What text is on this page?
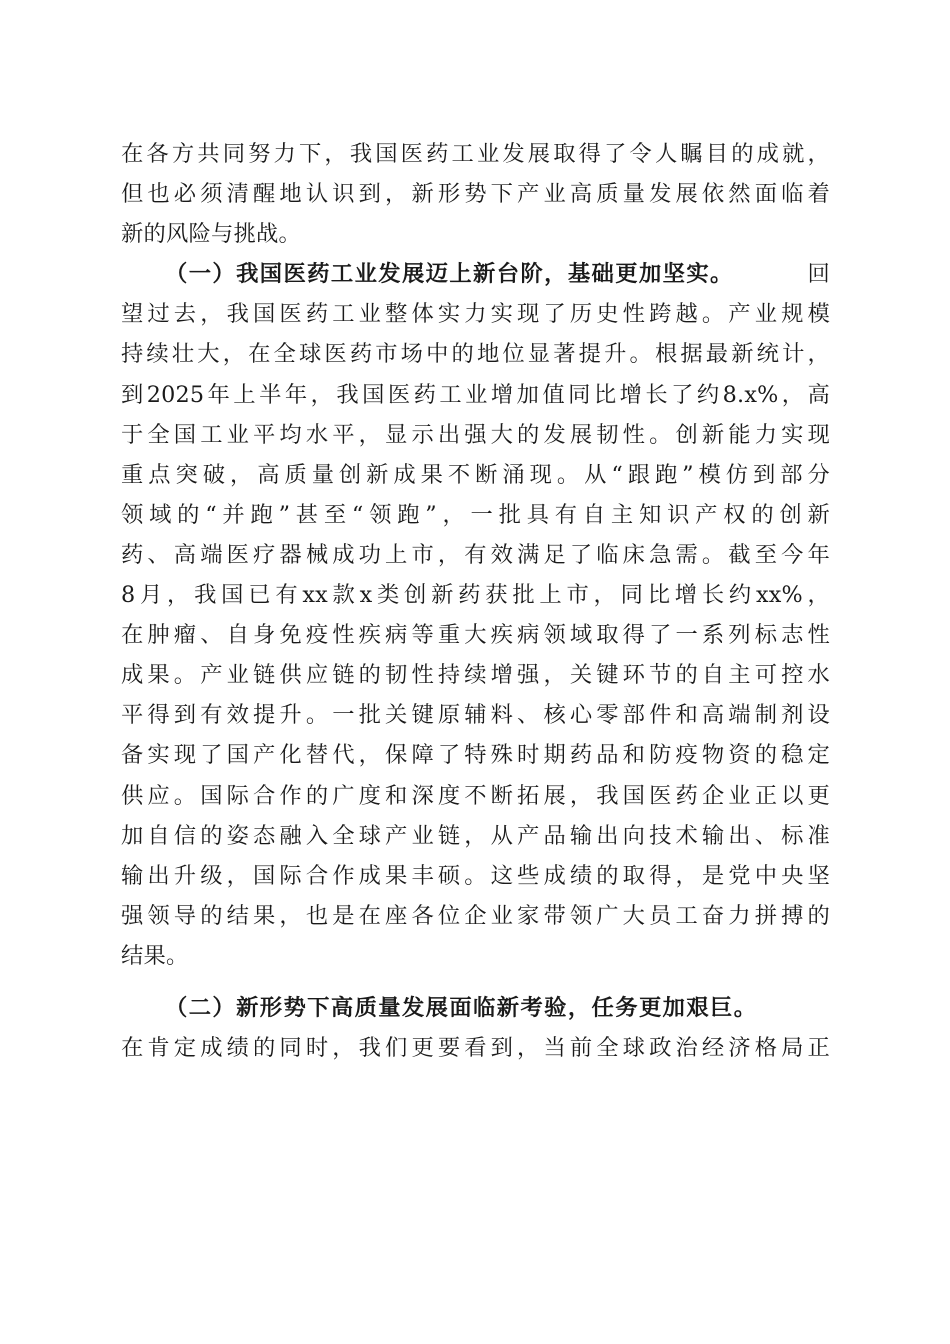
在各方共同努力下，我国医药工业发展取得了令人瞩目的成就，
但也必须清醒地认识到，新形势下产业高质量发展依然面临着
新的风险与挑战。
（一）我国医药工业发展迈上新台阶，基础更加坚实。	回
望过去，我国医药工业整体实力实现了历史性跨越。产业规模
持续壮大，在全球医药市场中的地位显著提升。根据最新统计，
到2025年上半年，我国医药工业增加值同比增长了约8.x%，高
于全国工业平均水平，显示出强大的发展韧性。创新能力实现
重点突破，高质量创新成果不断涌现。从“跟跑”模仿到部分
领域的“并跑”甚至“领跑”，一批具有自主知识产权的创新
药、高端医疗器械成功上市，有效满足了临床急需。截至今年
8月，我国已有xx款x类创新药获批上市，同比增长约xx%，
在肿瘤、自身免疫性疾病等重大疾病领域取得了一系列标志性
成果。产业链供应链的韧性持续增强，关键环节的自主可控水
平得到有效提升。一批关键原辅料、核心零部件和高端制剂设
备实现了国产化替代，保障了特殊时期药品和防疫物资的稳定
供应。国际合作的广度和深度不断拓展，我国医药企业正以更
加自信的姿态融入全球产业链，从产品输出向技术输出、标准
输出升级，国际合作成果丰硕。这些成绩的取得，是党中央坚
强领导的结果，也是在座各位企业家带领广大员工奋力拼搏的
结果。
（二）新形势下高质量发展面临新考验，任务更加艰巨。
在肯定成绩的同时，我们更要看到，当前全球政治经济格局正
